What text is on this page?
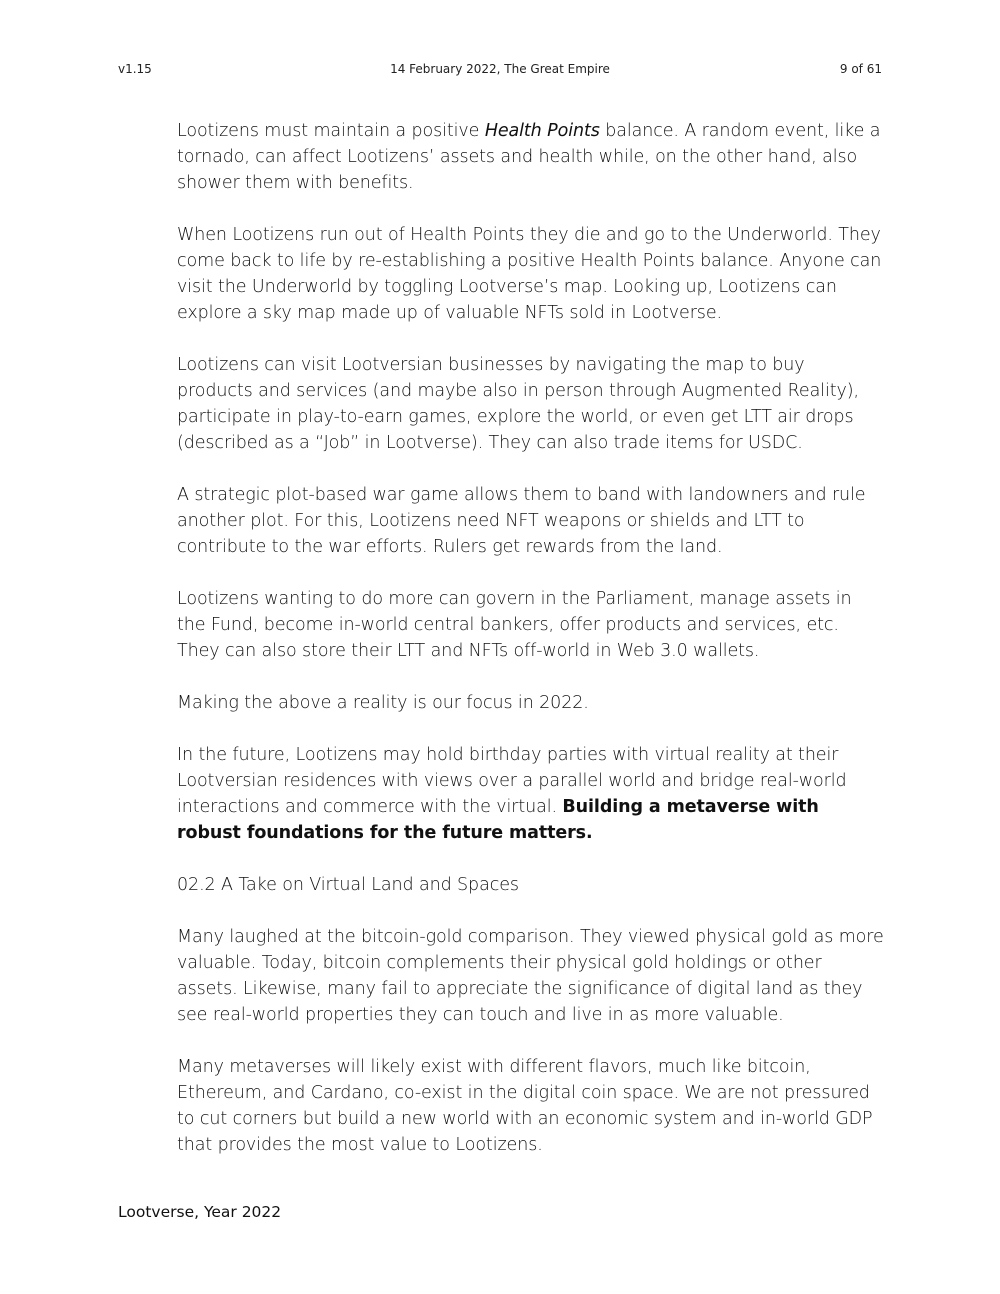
v1.15	14 February 2022, The Great Empire	9 of 61

Lootizens must maintain a positive Health Points balance. A random event, like a tornado, can affect Lootizens’ assets and health while, on the other hand, also shower them with benefits.

When Lootizens run out of Health Points they die and go to the Underworld. They come back to life by re-establishing a positive Health Points balance. Anyone can visit the Underworld by toggling Lootverse’s map. Looking up, Lootizens can explore a sky map made up of valuable NFTs sold in Lootverse.

Lootizens can visit Lootversian businesses by navigating the map to buy products and services (and maybe also in person through Augmented Reality), participate in play-to-earn games, explore the world, or even get LTT air drops (described as a “Job” in Lootverse). They can also trade items for USDC.

A strategic plot-based war game allows them to band with landowners and rule another plot. For this, Lootizens need NFT weapons or shields and LTT to contribute to the war efforts. Rulers get rewards from the land.

Lootizens wanting to do more can govern in the Parliament, manage assets in the Fund, become in-world central bankers, offer products and services, etc. They can also store their LTT and NFTs off-world in Web 3.0 wallets.

Making the above a reality is our focus in 2022.

In the future, Lootizens may hold birthday parties with virtual reality at their Lootversian residences with views over a parallel world and bridge real-world interactions and commerce with the virtual. Building a metaverse with robust foundations for the future matters.

02.2 A Take on Virtual Land and Spaces

Many laughed at the bitcoin-gold comparison. They viewed physical gold as more valuable. Today, bitcoin complements their physical gold holdings or other assets. Likewise, many fail to appreciate the significance of digital land as they see real-world properties they can touch and live in as more valuable.

Many metaverses will likely exist with different flavors, much like bitcoin, Ethereum, and Cardano, co-exist in the digital coin space. We are not pressured to cut corners but build a new world with an economic system and in-world GDP that provides the most value to Lootizens.

Lootverse, Year 2022
